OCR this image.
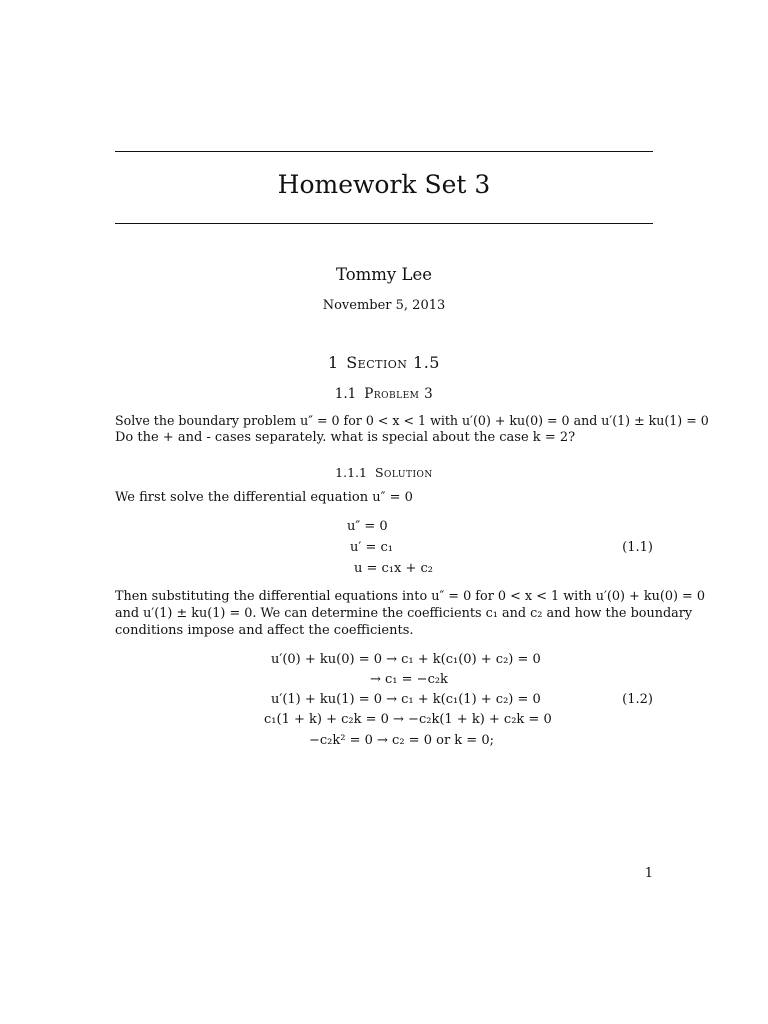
Homework Set 3
Tommy Lee
November 5, 2013
1 Section 1.5
1.1 Problem 3
Solve the boundary problem u″ = 0 for 0 < x < 1 with u′(0) + ku(0) = 0 and u′(1) ± ku(1) = 0
Do the + and - cases separately. what is special about the case k = 2?
1.1.1 Solution
We first solve the differential equation u″ = 0
u″ = 0
u′ = c₁
u = c₁x + c₂
(1.1)
Then substituting the differential equations into u″ = 0 for 0 < x < 1 with u′(0) + ku(0) = 0
and u′(1) ± ku(1) = 0. We can determine the coefficients c₁ and c₂ and how the boundary
conditions impose and affect the coefficients.
u′(0) + ku(0) = 0 → c₁ + k(c₁(0) + c₂) = 0
→ c₁ = −c₂k
u′(1) + ku(1) = 0 → c₁ + k(c₁(1) + c₂) = 0
c₁(1 + k) + c₂k = 0 → −c₂k(1 + k) + c₂k = 0
−c₂k² = 0 → c₂ = 0 or k = 0;
(1.2)
1
